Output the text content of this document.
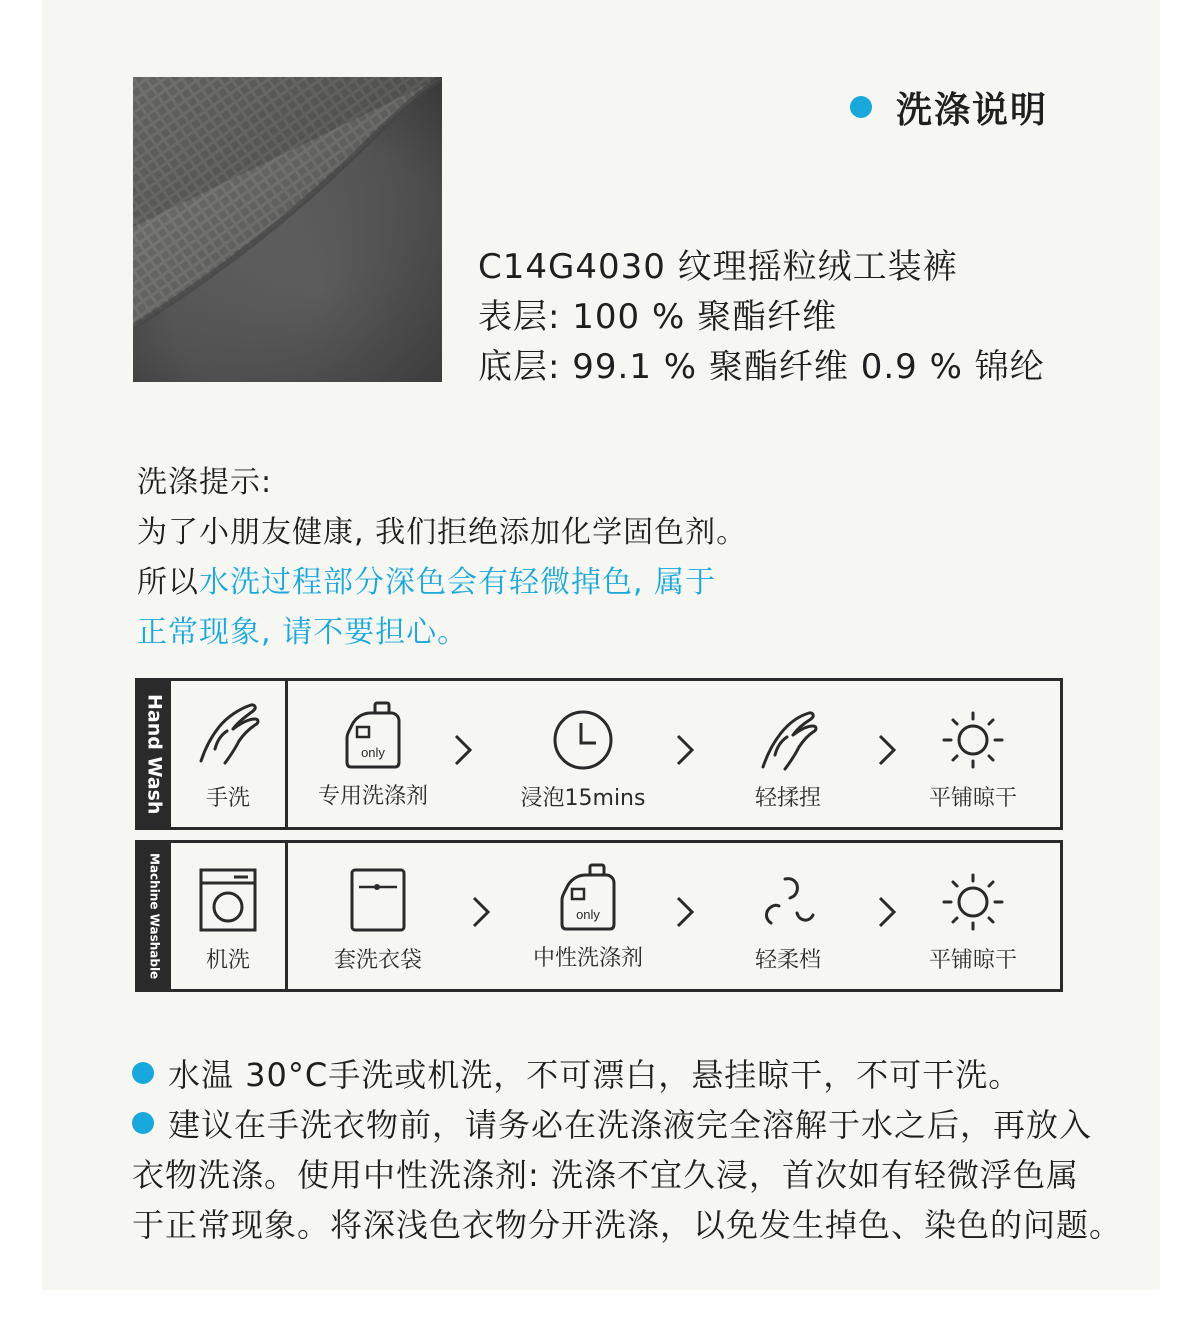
洗涤说明
C14G4030 纹理摇粒绒工装裤
表层: 100 % 聚酯纤维
底层: 99.1 % 聚酯纤维 0.9 % 锦纶
洗涤提示:
为了小朋友健康, 我们拒绝添加化学固色剂。
所以水洗过程部分深色会有轻微掉色, 属于
正常现象, 请不要担心。
Hand Wash	手洗
only
专用洗涤剂	浸泡15mins	轻揉捏	平铺晾干
Machine Washable	机洗	套洗衣袋
only
中性洗涤剂	轻柔档	平铺晾干
水温 30°C手洗或机洗，不可漂白，悬挂晾干，不可干洗。
建议在手洗衣物前，请务必在洗涤液完全溶解于水之后，再放入
衣物洗涤。使用中性洗涤剂: 洗涤不宜久浸，首次如有轻微浮色属
于正常现象。将深浅色衣物分开洗涤，以免发生掉色、染色的问题。
